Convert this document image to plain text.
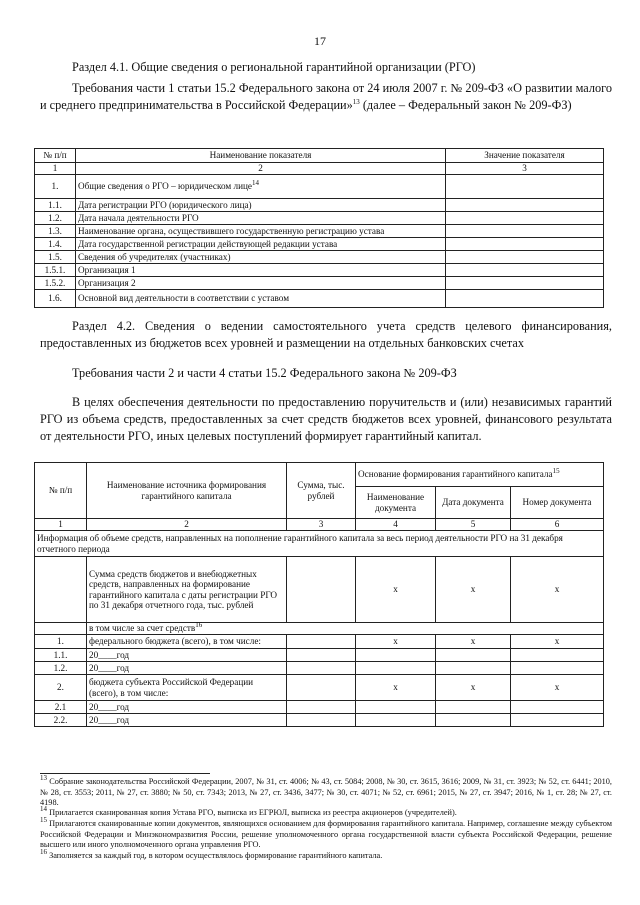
17
Раздел 4.1. Общие сведения о региональной гарантийной организации (РГО)
Требования части 1 статьи 15.2 Федерального закона от 24 июля 2007 г. № 209-ФЗ «О развитии малого и среднего предпринимательства в Российской Федерации»$^{13}$ (далее – Федеральный закон № 209-ФЗ)
№ п/п	Наименование показателя	Значение показателя
1	2	3
1.	Общие сведения о РГО – юридическом лице$^{14}$	
1.1.	Дата регистрации РГО (юридического лица)	
1.2.	Дата начала деятельности РГО	
1.3.	Наименование органа, осуществившего государственную регистрацию устава	
1.4.	Дата государственной регистрации действующей редакции устава	
1.5.	Сведения об учредителях (участниках)	
1.5.1.	Организация 1	
1.5.2.	Организация 2	
1.6.	Основной вид деятельности в соответствии с уставом	
Раздел 4.2. Сведения о ведении самостоятельного учета средств целевого финансирования, предоставленных из бюджетов всех уровней и размещении на отдельных банковских счетах
Требования части 2 и части 4 статьи 15.2 Федерального закона № 209-ФЗ
В целях обеспечения деятельности по предоставлению поручительств и (или) независимых гарантий РГО из объема средств, предоставленных за счет средств бюджетов всех уровней, финансового результата от деятельности РГО, иных целевых поступлений формирует гарантийный капитал.
№ п/п	Наименование источника формирования гарантийного капитала	Сумма, тыс. рублей	Основание формирования гарантийного капитала$^{15}$
			Наименование документа	Дата документа	Номер документа
1	2	3	4	5	6
Информация об объеме средств, направленных на пополнение гарантийного капитала за весь период деятельности РГО на 31 декабря отчетного периода					
	Сумма средств бюджетов и внебюджетных средств, направленных на формирование гарантийного капитала с даты регистрации РГО по 31 декабря отчетного года, тыс. рублей		x	x	x
	в том числе за счет средств$^{16}$
1.	федерального бюджета (всего), в том числе:		x	x	x
1.1.	20____год				
1.2.	20____год				
2.	бюджета субъекта Российской Федерации (всего), в том числе:		x	x	x
2.1	20____год				
2.2.	20____год				
$^{13}$ Собрание законодательства Российской Федерации, 2007, № 31, ст. 4006; № 43, ст. 5084; 2008, № 30, ст. 3615, 3616; 2009, № 31, ст. 3923; № 52, ст. 6441; 2010, № 28, ст. 3553; 2011, № 27, ст. 3880; № 50, ст. 7343; 2013, № 27, ст. 3436, 3477; № 30, ст. 4071; № 52, ст. 6961; 2015, № 27, ст. 3947; 2016, № 1, ст. 28; № 27, ст. 4198.
$^{14}$ Прилагается сканированная копия Устава РГО, выписка из ЕГРЮЛ, выписка из реестра акционеров (учредителей).
$^{15}$ Прилагаются сканированные копии документов, являющихся основанием для формирования гарантийного капитала. Например, соглашение между субъектом Российской Федерации и Минэкономразвития России, решение уполномоченного органа государственной власти субъекта Российской Федерации, решение высшего или иного уполномоченного органа управления РГО.
$^{16}$ Заполняется за каждый год, в котором осуществлялось формирование гарантийного капитала.
